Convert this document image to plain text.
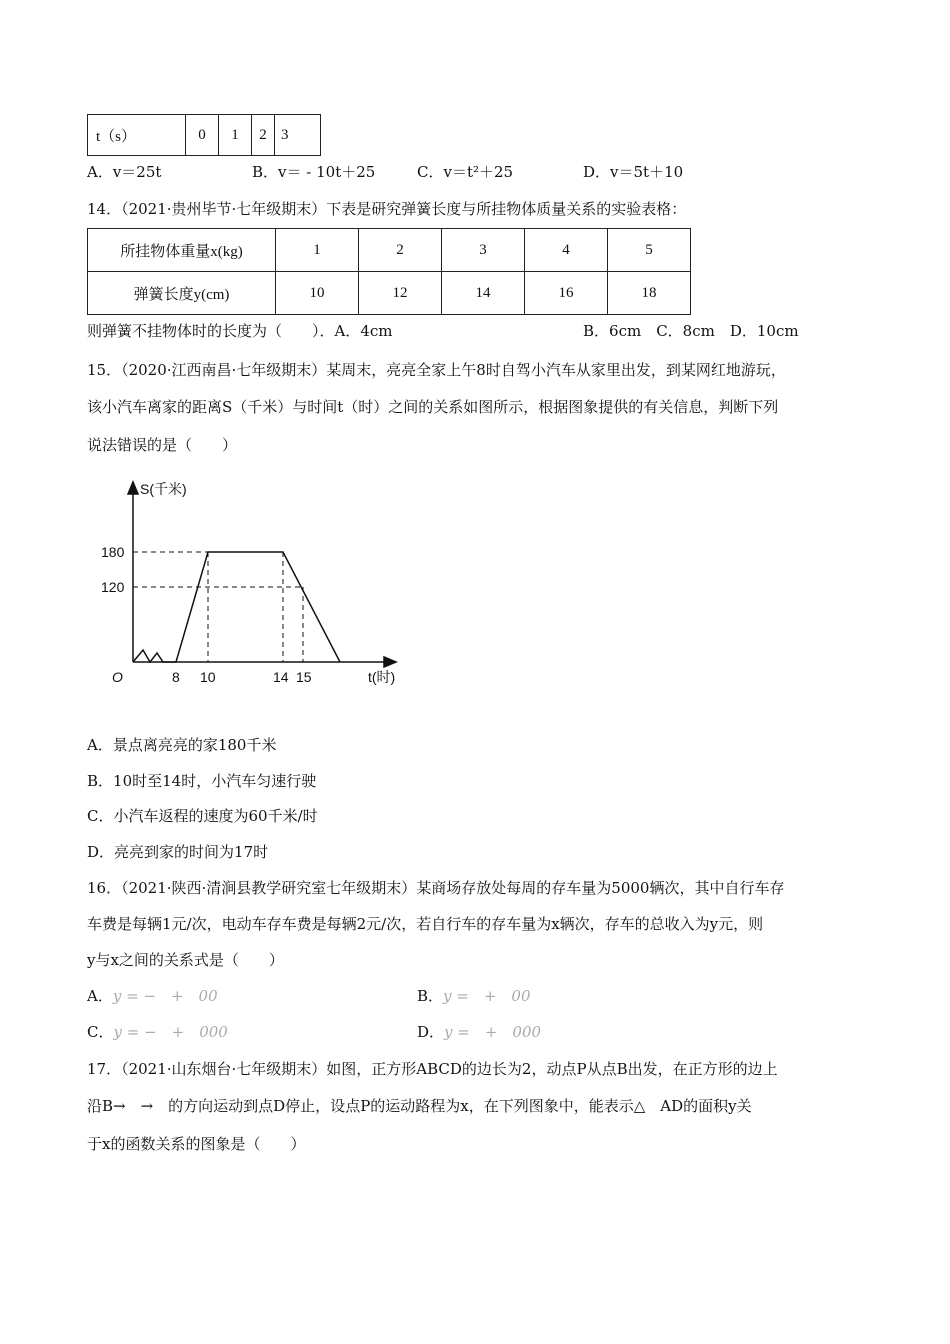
t（s）	0	1	2	3
A．v＝25t	B．v＝ - 10t＋25	C．v＝t²＋25	D．v＝5t＋10
14．（2021·贵州毕节·七年级期末）下表是研究弹簧长度与所挂物体质量关系的实验表格：
所挂物体重量x(kg)	1	2	3	4	5
弹簧长度y(cm)	10	12	14	16	18
则弹簧不挂物体时的长度为（　　）．A．4cm	B．6cm　C．8cm　D．10cm
15．（2020·江西南昌·七年级期末）某周末，亮亮全家上午8时自驾小汽车从家里出发，到某网红地游玩，
该小汽车离家的距离S（千米）与时间t（时）之间的关系如图所示，根据图象提供的有关信息，判断下列
说法错误的是（　　）
S(千米)
t(时)
O
180
120
8 10	14 15
A．景点离亮亮的家180千米
B．10时至14时，小汽车匀速行驶
C．小汽车返程的速度为60千米/时
D．亮亮到家的时间为17时
16．（2021·陕西·清涧县教学研究室七年级期末）某商场存放处每周的存车量为5000辆次，其中自行车存
车费是每辆1元/次，电动车存车费是每辆2元/次，若自行车的存车量为x辆次，存车的总收入为y元，则
y与x之间的关系式是（　　）
A．y = −　+　00	B．y =　+　00
C．y = −　+　000	D．y =　+　000
17．（2021·山东烟台·七年级期末）如图，正方形ABCD的边长为2，动点P从点B出发，在正方形的边上
沿B→　→　的方向运动到点D停止，设点P的运动路程为x，在下列图象中，能表示△　AD的面积y关
于x的函数关系的图象是（　　）
